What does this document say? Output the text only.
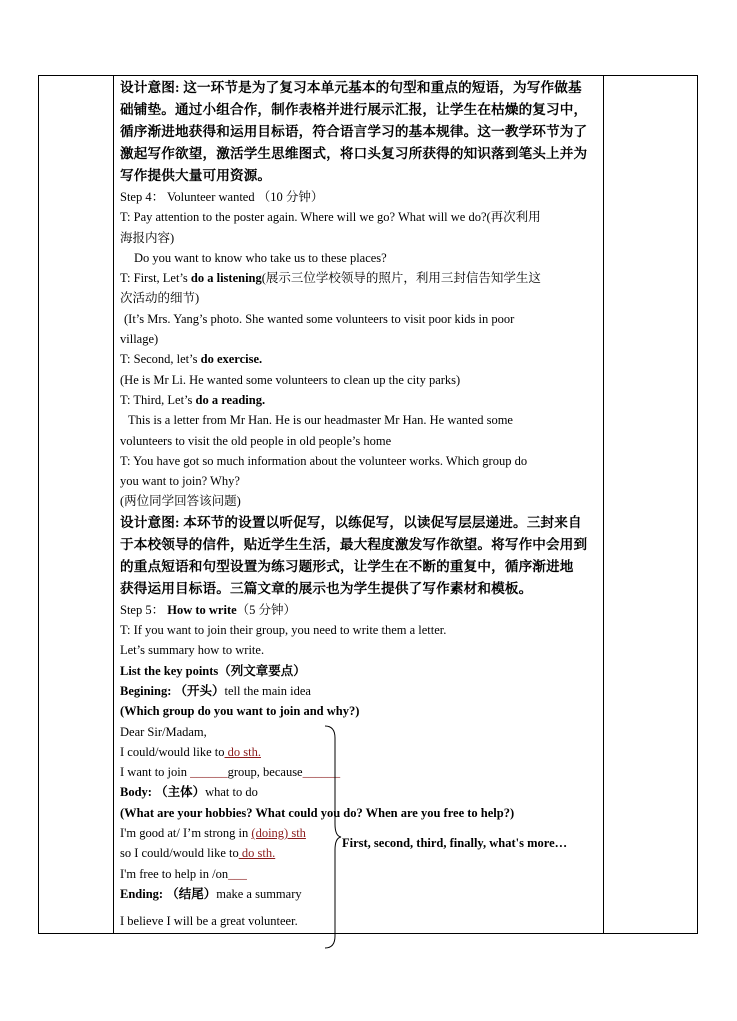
设计意图: 这一环节是为了复习本单元基本的句型和重点的短语，为写作做基
础铺垫。通过小组合作，制作表格并进行展示汇报，让学生在枯燥的复习中，
循序渐进地获得和运用目标语，符合语言学习的基本规律。这一教学环节为了
激起写作欲望，激活学生思维图式，将口头复习所获得的知识落到笔头上并为
写作提供大量可用资源。
Step 4： Volunteer wanted （10 分钟）
T: Pay attention to the poster again. Where will we go? What will we do?(再次利用
海报内容)
Do you want to know who take us to these places?
T: First, Let’s do a listening(展示三位学校领导的照片，利用三封信告知学生这
次活动的细节)
(It’s Mrs. Yang’s photo. She wanted some volunteers to visit poor kids in poor
village)
T: Second, let’s do exercise.
(He is Mr Li. He wanted some volunteers to clean up the city parks)
T: Third, Let’s do a reading.
This is a letter from Mr Han. He is our headmaster Mr Han. He wanted some
volunteers to visit the old people in old people’s home
T: You have got so much information about the volunteer works. Which group do
you want to join? Why?
(两位同学回答该问题)
设计意图: 本环节的设置以听促写，以练促写，以读促写层层递进。三封来自
于本校领导的信件，贴近学生生活，最大程度激发写作欲望。将写作中会用到
的重点短语和句型设置为练习题形式，让学生在不断的重复中，循序渐进地
获得运用目标语。三篇文章的展示也为学生提供了写作素材和模板。
Step 5： How to write（5 分钟）
T: If you want to join their group, you need to write them a letter.
Let’s summary how to write.
List the key points（列文章要点）
Begining: （开头）tell the main idea
(Which group do you want to join and why?)
Dear Sir/Madam,
I could/would like to do sth.
I want to join ______group, because______
Body: （主体）what to do
(What are your hobbies? What could you do? When are you free to help?)
I'm good at/ I’m strong in (doing) sth
so I could/would like to do sth.
I'm free to help in /on___
Ending: （结尾）make a summary
I believe I will be a great volunteer.
First, second, third, finally, what's more…
